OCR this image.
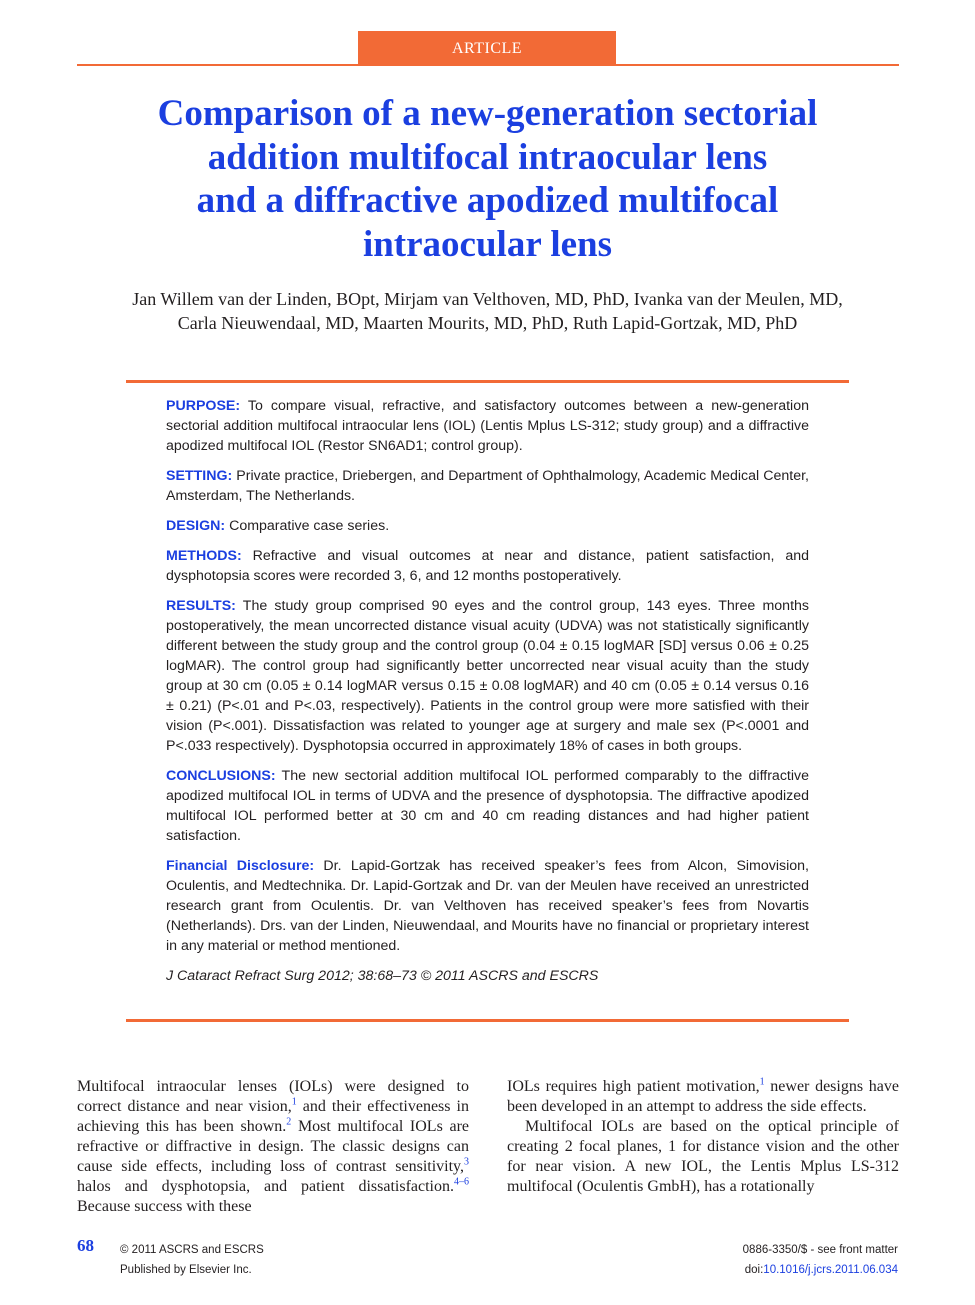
ARTICLE
Comparison of a new-generation sectorial
addition multifocal intraocular lens
and a diffractive apodized multifocal
intraocular lens
Jan Willem van der Linden, BOpt, Mirjam van Velthoven, MD, PhD, Ivanka van der Meulen, MD,
Carla Nieuwendaal, MD, Maarten Mourits, MD, PhD, Ruth Lapid-Gortzak, MD, PhD

PURPOSE: To compare visual, refractive, and satisfactory outcomes between a new-generation sectorial addition multifocal intraocular lens (IOL) (Lentis Mplus LS-312; study group) and a diffractive apodized multifocal IOL (Restor SN6AD1; control group).

SETTING: Private practice, Driebergen, and Department of Ophthalmology, Academic Medical Center, Amsterdam, The Netherlands.

DESIGN: Comparative case series.

METHODS: Refractive and visual outcomes at near and distance, patient satisfaction, and dysphotopsia scores were recorded 3, 6, and 12 months postoperatively.

RESULTS: The study group comprised 90 eyes and the control group, 143 eyes. Three months postoperatively, the mean uncorrected distance visual acuity (UDVA) was not statistically significantly different between the study group and the control group (0.04 ± 0.15 logMAR [SD] versus 0.06 ± 0.25 logMAR). The control group had significantly better uncorrected near visual acuity than the study group at 30 cm (0.05 ± 0.14 logMAR versus 0.15 ± 0.08 logMAR) and 40 cm (0.05 ± 0.14 versus 0.16 ± 0.21) (P<.01 and P<.03, respectively). Patients in the control group were more satisfied with their vision (P<.001). Dissatisfaction was related to younger age at surgery and male sex (P<.0001 and P<.033 respectively). Dysphotopsia occurred in approximately 18% of cases in both groups.

CONCLUSIONS: The new sectorial addition multifocal IOL performed comparably to the diffractive apodized multifocal IOL in terms of UDVA and the presence of dysphotopsia. The diffractive apodized multifocal IOL performed better at 30 cm and 40 cm reading distances and had higher patient satisfaction.

Financial Disclosure: Dr. Lapid-Gortzak has received speaker’s fees from Alcon, Simovision, Oculentis, and Medtechnika. Dr. Lapid-Gortzak and Dr. van der Meulen have received an unrestricted research grant from Oculentis. Dr. van Velthoven has received speaker’s fees from Novartis (Netherlands). Drs. van der Linden, Nieuwendaal, and Mourits have no financial or proprietary interest in any material or method mentioned.

J Cataract Refract Surg 2012; 38:68–73 © 2011 ASCRS and ESCRS

Multifocal intraocular lenses (IOLs) were designed to correct distance and near vision,$^1$ and their effectiveness in achieving this has been shown.$^2$ Most multifocal IOLs are refractive or diffractive in design. The classic designs can cause side effects, including loss of contrast sensitivity,$^3$ halos and dysphotopsia, and patient dissatisfaction.$^{4-6}$ Because success with these

IOLs requires high patient motivation,$^1$ newer designs have been developed in an attempt to address the side effects.

Multifocal IOLs are based on the optical principle of creating 2 focal planes, 1 for distance vision and the other for near vision. A new IOL, the Lentis Mplus LS-312 multifocal (Oculentis GmbH), has a rotationally

68 © 2011 ASCRS and ESCRS
Published by Elsevier Inc.
0886-3350/$ - see front matter
doi:10.1016/j.jcrs.2011.06.034
